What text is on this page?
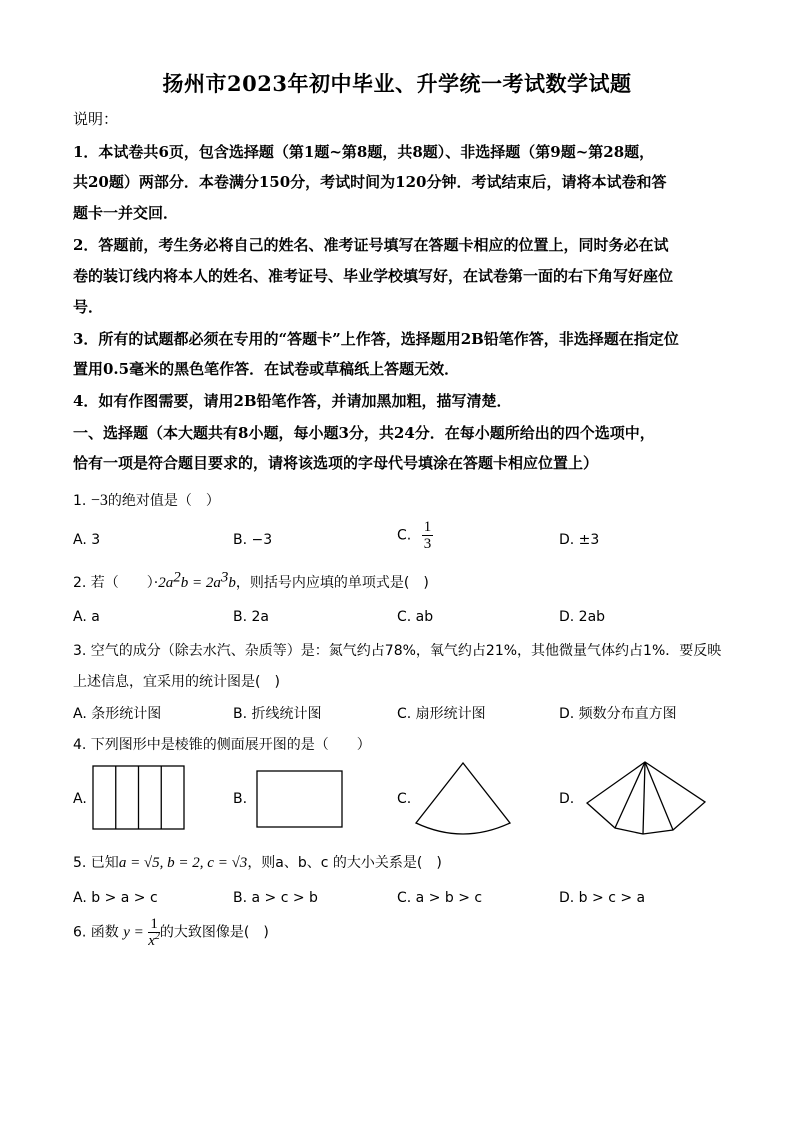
扬州市2023年初中毕业、升学统一考试数学试题
说明：
1．本试卷共6页，包含选择题（第1题~第8题，共8题）、非选择题（第9题~第28题，
共20题）两部分．本卷满分150分，考试时间为120分钟．考试结束后，请将本试卷和答
题卡一并交回．
2．答题前，考生务必将自己的姓名、准考证号填写在答题卡相应的位置上，同时务必在试
卷的装订线内将本人的姓名、准考证号、毕业学校填写好，在试卷第一面的右下角写好座位
号．
3．所有的试题都必须在专用的“答题卡”上作答，选择题用2B铅笔作答，非选择题在指定位
置用0.5毫米的黑色笔作答．在试卷或草稿纸上答题无效．
4．如有作图需要，请用2B铅笔作答，并请加黑加粗，描写清楚．
一、选择题（本大题共有8小题，每小题3分，共24分．在每小题所给出的四个选项中，
恰有一项是符合题目要求的，请将该选项的字母代号填涂在答题卡相应位置上）
1. −3的绝对值是（　）
A. 3	B. −3	C. $\frac{1}{3}$	D. ±3
2. 若（　　）$\cdot 2a^2b = 2a^3b$，则括号内应填的单项式是(　)
A. a	B. 2a	C. ab	D. 2ab
3. 空气的成分（除去水汽、杂质等）是：氮气约占78%，氧气约占21%，其他微量气体约占1%．要反映
上述信息，宜采用的统计图是(　)
A. 条形统计图	B. 折线统计图	C. 扇形统计图	D. 频数分布直方图
4. 下列图形中是棱锥的侧面展开图的是（　　）
A.	B.	C.	D.
5. 已知a = √5, b = 2, c = √3，则a、b、c 的大小关系是(　)
A. b > a > c	B. a > c > b	C. a > b > c	D. b > c > a
6. 函数 $y = \frac{1}{x^2}$ 的大致图像是(　)
